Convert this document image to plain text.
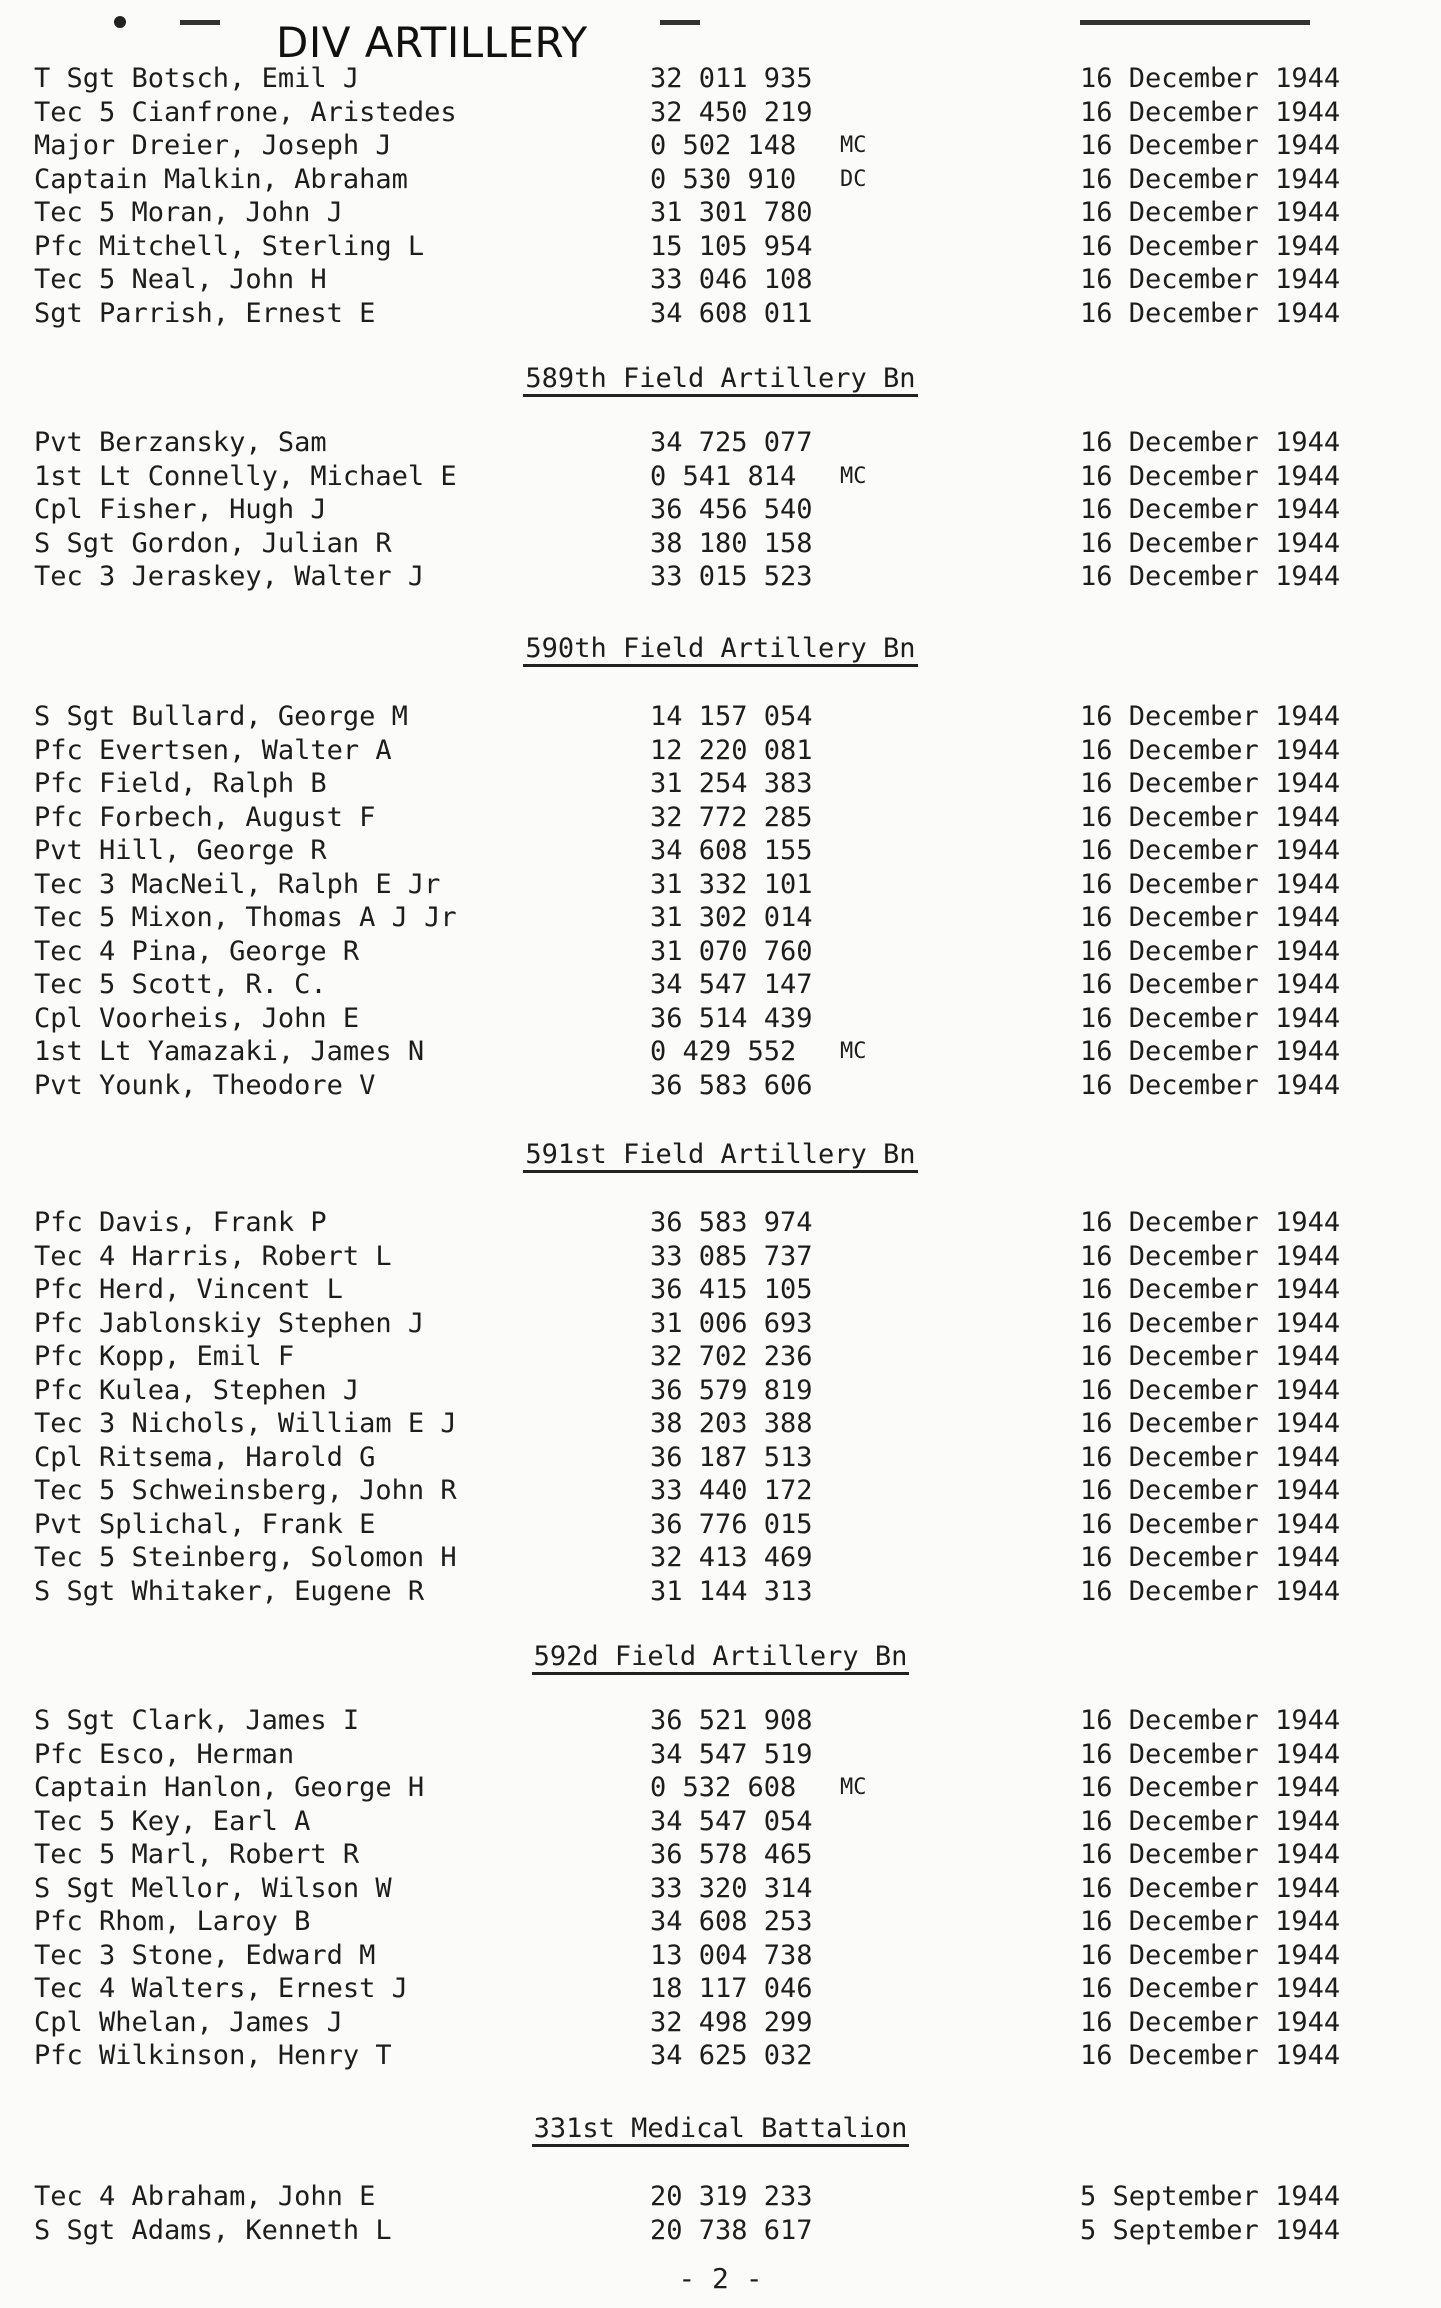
DIV ARTILLERY
T Sgt Botsch, Emil J	32 011 935	16 December 1944
Tec 5 Cianfrone, Aristedes	32 450 219	16 December 1944
Major Dreier, Joseph J	0 502 148 MC	16 December 1944
Captain Malkin, Abraham	0 530 910 DC	16 December 1944
Tec 5 Moran, John J	31 301 780	16 December 1944
Pfc Mitchell, Sterling L	15 105 954	16 December 1944
Tec 5 Neal, John H	33 046 108	16 December 1944
Sgt Parrish, Ernest E	34 608 011	16 December 1944
589th Field Artillery Bn
Pvt Berzansky, Sam	34 725 077	16 December 1944
1st Lt Connelly, Michael E	0 541 814 MC	16 December 1944
Cpl Fisher, Hugh J	36 456 540	16 December 1944
S Sgt Gordon, Julian R	38 180 158	16 December 1944
Tec 3 Jeraskey, Walter J	33 015 523	16 December 1944
590th Field Artillery Bn
S Sgt Bullard, George M	14 157 054	16 December 1944
Pfc Evertsen, Walter A	12 220 081	16 December 1944
Pfc Field, Ralph B	31 254 383	16 December 1944
Pfc Forbech, August F	32 772 285	16 December 1944
Pvt Hill, George R	34 608 155	16 December 1944
Tec 3 MacNeil, Ralph E Jr	31 332 101	16 December 1944
Tec 5 Mixon, Thomas A J Jr	31 302 014	16 December 1944
Tec 4 Pina, George R	31 070 760	16 December 1944
Tec 5 Scott, R. C.	34 547 147	16 December 1944
Cpl Voorheis, John E	36 514 439	16 December 1944
1st Lt Yamazaki, James N	0 429 552 MC	16 December 1944
Pvt Younk, Theodore V	36 583 606	16 December 1944
591st Field Artillery Bn
Pfc Davis, Frank P	36 583 974	16 December 1944
Tec 4 Harris, Robert L	33 085 737	16 December 1944
Pfc Herd, Vincent L	36 415 105	16 December 1944
Pfc Jablonskiy Stephen J	31 006 693	16 December 1944
Pfc Kopp, Emil F	32 702 236	16 December 1944
Pfc Kulea, Stephen J	36 579 819	16 December 1944
Tec 3 Nichols, William E J	38 203 388	16 December 1944
Cpl Ritsema, Harold G	36 187 513	16 December 1944
Tec 5 Schweinsberg, John R	33 440 172	16 December 1944
Pvt Splichal, Frank E	36 776 015	16 December 1944
Tec 5 Steinberg, Solomon H	32 413 469	16 December 1944
S Sgt Whitaker, Eugene R	31 144 313	16 December 1944
592d Field Artillery Bn
S Sgt Clark, James I	36 521 908	16 December 1944
Pfc Esco, Herman	34 547 519	16 December 1944
Captain Hanlon, George H	0 532 608 MC	16 December 1944
Tec 5 Key, Earl A	34 547 054	16 December 1944
Tec 5 Marl, Robert R	36 578 465	16 December 1944
S Sgt Mellor, Wilson W	33 320 314	16 December 1944
Pfc Rhom, Laroy B	34 608 253	16 December 1944
Tec 3 Stone, Edward M	13 004 738	16 December 1944
Tec 4 Walters, Ernest J	18 117 046	16 December 1944
Cpl Whelan, James J	32 498 299	16 December 1944
Pfc Wilkinson, Henry T	34 625 032	16 December 1944
331st Medical Battalion
Tec 4 Abraham, John E	20 319 233	5 September 1944
S Sgt Adams, Kenneth L	20 738 617	5 September 1944
- 2 -
